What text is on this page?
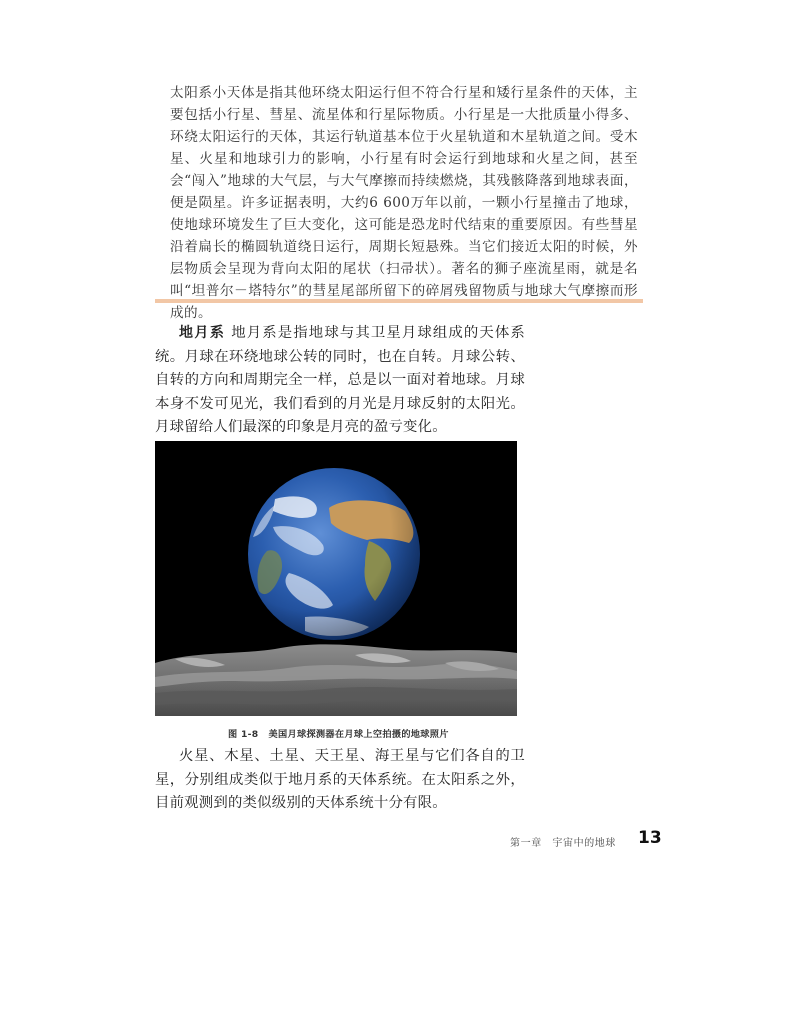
太阳系小天体是指其他环绕太阳运行但不符合行星和矮行星条件的天体，主要包括小行星、彗星、流星体和行星际物质。小行星是一大批质量小得多、环绕太阳运行的天体，其运行轨道基本位于火星轨道和木星轨道之间。受木星、火星和地球引力的影响，小行星有时会运行到地球和火星之间，甚至会“闯入”地球的大气层，与大气摩擦而持续燃烧，其残骸降落到地球表面，便是陨星。许多证据表明，大约6 600万年以前，一颗小行星撞击了地球，使地球环境发生了巨大变化，这可能是恐龙时代结束的重要原因。有些彗星沿着扁长的椭圆轨道绕日运行，周期长短悬殊。当它们接近太阳的时候，外层物质会呈现为背向太阳的尾状（扫帚状）。著名的狮子座流星雨，就是名叫“坦普尔－塔特尔”的彗星尾部所留下的碎屑残留物质与地球大气摩擦而形成的。
地月系 地月系是指地球与其卫星月球组成的天体系统。月球在环绕地球公转的同时，也在自转。月球公转、自转的方向和周期完全一样，总是以一面对着地球。月球本身不发可见光，我们看到的月光是月球反射的太阳光。月球留给人们最深的印象是月亮的盈亏变化。
图 1-8 美国月球探测器在月球上空拍摄的地球照片
火星、木星、土星、天王星、海王星与它们各自的卫星，分别组成类似于地月系的天体系统。在太阳系之外，目前观测到的类似级别的天体系统十分有限。
第一章　宇宙中的地球 13
